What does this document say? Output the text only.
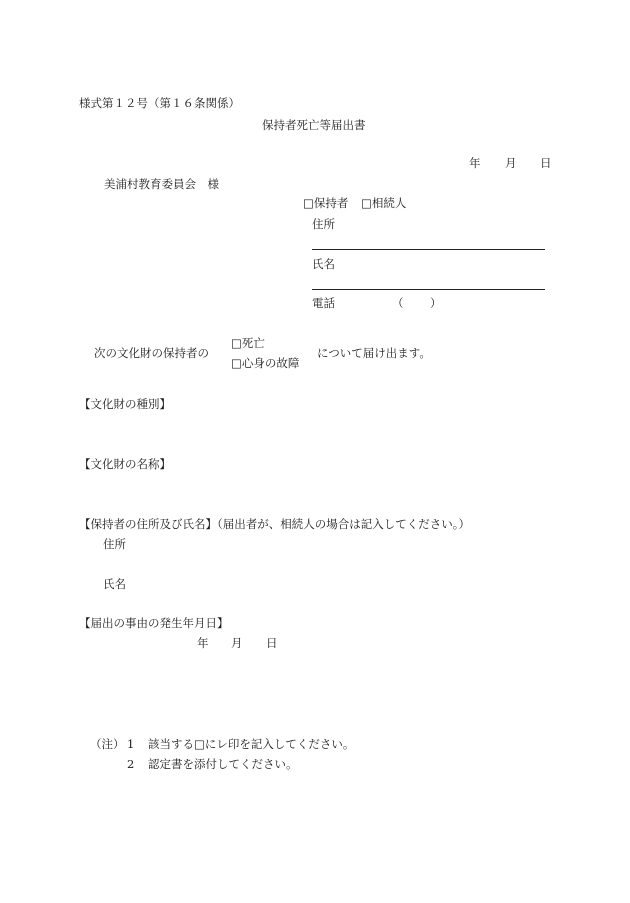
様式第１２号（第１６条関係）
保持者死亡等届出書
年 月 日
美浦村教育委員会　様
□保持者 □相続人
住所
氏名
電話	（ ）
次の文化財の保持者の
□死亡
□心身の故障
について届け出ます。
【文化財の種別】
【文化財の名称】
【保持者の住所及び氏名】（届出者が、相続人の場合は記入してください。）
住所
氏名
【届出の事由の発生年月日】
年 月 日
（注） 1 該当する□にレ印を記入してください。
2 認定書を添付してください。
